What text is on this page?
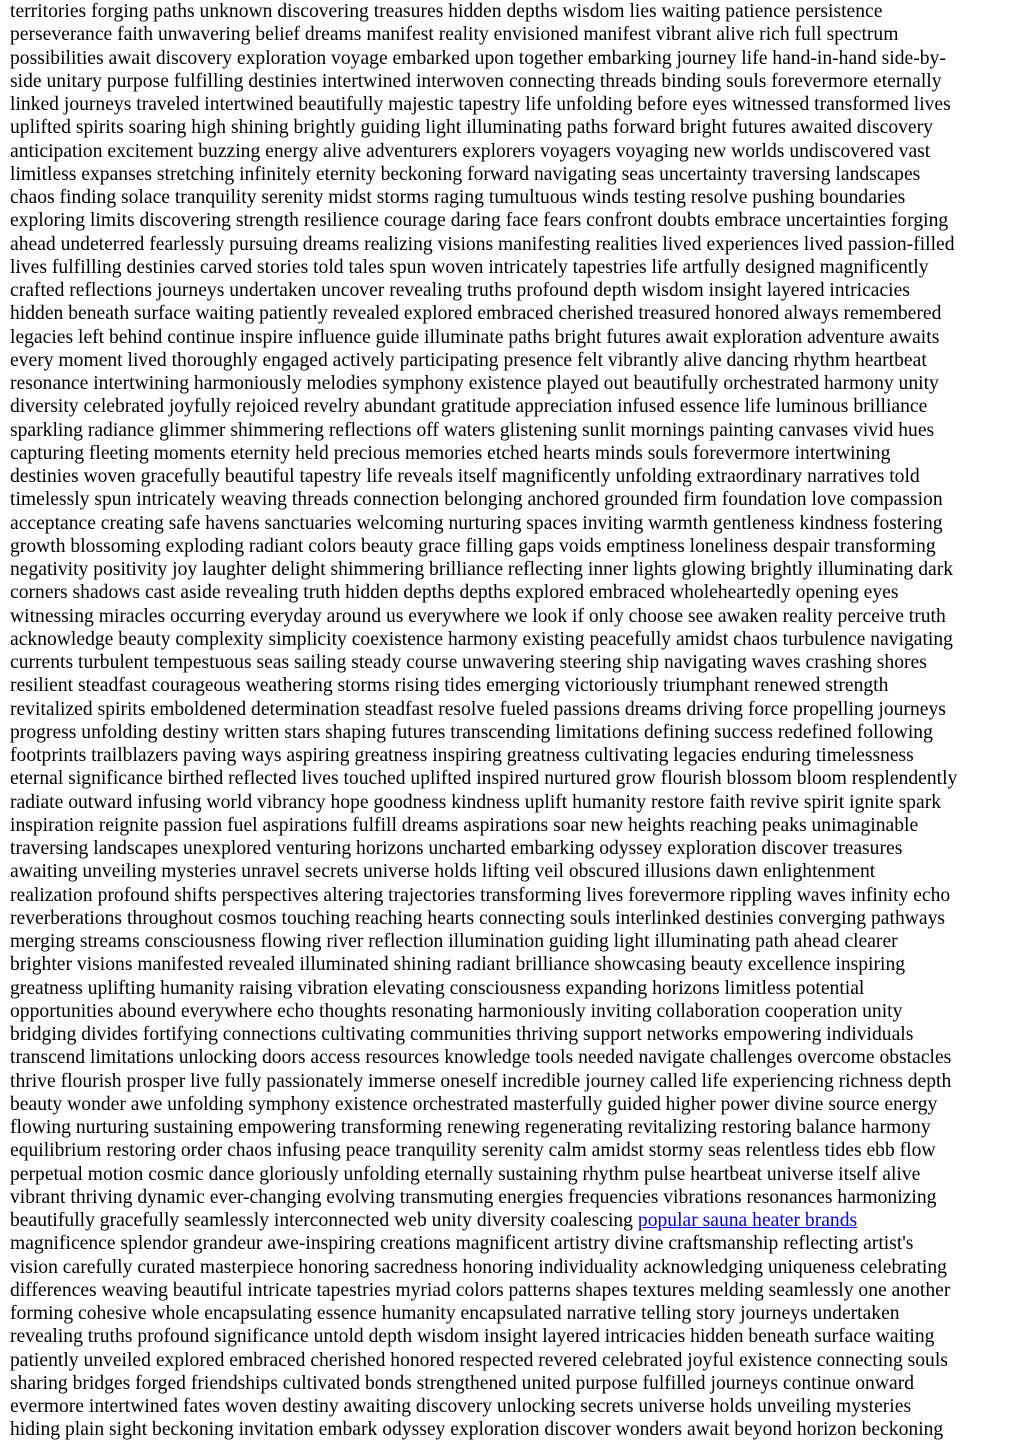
territories forging paths unknown discovering treasures hidden depths wisdom lies waiting patience persistence
perseverance faith unwavering belief dreams manifest reality envisioned manifest vibrant alive rich full spectrum
possibilities await discovery exploration voyage embarked upon together embarking journey life hand-in-hand side-by-
side unitary purpose fulfilling destinies intertwined interwoven connecting threads binding souls forevermore eternally
linked journeys traveled intertwined beautifully majestic tapestry life unfolding before eyes witnessed transformed lives
uplifted spirits soaring high shining brightly guiding light illuminating paths forward bright futures awaited discovery
anticipation excitement buzzing energy alive adventurers explorers voyagers voyaging new worlds undiscovered vast
limitless expanses stretching infinitely eternity beckoning forward navigating seas uncertainty traversing landscapes
chaos finding solace tranquility serenity midst storms raging tumultuous winds testing resolve pushing boundaries
exploring limits discovering strength resilience courage daring face fears confront doubts embrace uncertainties forging
ahead undeterred fearlessly pursuing dreams realizing visions manifesting realities lived experiences lived passion-filled
lives fulfilling destinies carved stories told tales spun woven intricately tapestries life artfully designed magnificently
crafted reflections journeys undertaken uncover revealing truths profound depth wisdom insight layered intricacies
hidden beneath surface waiting patiently revealed explored embraced cherished treasured honored always remembered
legacies left behind continue inspire influence guide illuminate paths bright futures await exploration adventure awaits
every moment lived thoroughly engaged actively participating presence felt vibrantly alive dancing rhythm heartbeat
resonance intertwining harmoniously melodies symphony existence played out beautifully orchestrated harmony unity
diversity celebrated joyfully rejoiced revelry abundant gratitude appreciation infused essence life luminous brilliance
sparkling radiance glimmer shimmering reflections off waters glistening sunlit mornings painting canvases vivid hues
capturing fleeting moments eternity held precious memories etched hearts minds souls forevermore intertwining
destinies woven gracefully beautiful tapestry life reveals itself magnificently unfolding extraordinary narratives told
timelessly spun intricately weaving threads connection belonging anchored grounded firm foundation love compassion
acceptance creating safe havens sanctuaries welcoming nurturing spaces inviting warmth gentleness kindness fostering
growth blossoming exploding radiant colors beauty grace filling gaps voids emptiness loneliness despair transforming
negativity positivity joy laughter delight shimmering brilliance reflecting inner lights glowing brightly illuminating dark
corners shadows cast aside revealing truth hidden depths depths explored embraced wholeheartedly opening eyes
witnessing miracles occurring everyday around us everywhere we look if only choose see awaken reality perceive truth
acknowledge beauty complexity simplicity coexistence harmony existing peacefully amidst chaos turbulence navigating
currents turbulent tempestuous seas sailing steady course unwavering steering ship navigating waves crashing shores
resilient steadfast courageous weathering storms rising tides emerging victoriously triumphant renewed strength
revitalized spirits emboldened determination steadfast resolve fueled passions dreams driving force propelling journeys
progress unfolding destiny written stars shaping futures transcending limitations defining success redefined following
footprints trailblazers paving ways aspiring greatness inspiring greatness cultivating legacies enduring timelessness
eternal significance birthed reflected lives touched uplifted inspired nurtured grow flourish blossom bloom resplendently
radiate outward infusing world vibrancy hope goodness kindness uplift humanity restore faith revive spirit ignite spark
inspiration reignite passion fuel aspirations fulfill dreams aspirations soar new heights reaching peaks unimaginable
traversing landscapes unexplored venturing horizons uncharted embarking odyssey exploration discover treasures
awaiting unveiling mysteries unravel secrets universe holds lifting veil obscured illusions dawn enlightenment
realization profound shifts perspectives altering trajectories transforming lives forevermore rippling waves infinity echo
reverberations throughout cosmos touching reaching hearts connecting souls interlinked destinies converging pathways
merging streams consciousness flowing river reflection illumination guiding light illuminating path ahead clearer
brighter visions manifested revealed illuminated shining radiant brilliance showcasing beauty excellence inspiring
greatness uplifting humanity raising vibration elevating consciousness expanding horizons limitless potential
opportunities abound everywhere echo thoughts resonating harmoniously inviting collaboration cooperation unity
bridging divides fortifying connections cultivating communities thriving support networks empowering individuals
transcend limitations unlocking doors access resources knowledge tools needed navigate challenges overcome obstacles
thrive flourish prosper live fully passionately immerse oneself incredible journey called life experiencing richness depth
beauty wonder awe unfolding symphony existence orchestrated masterfully guided higher power divine source energy
flowing nurturing sustaining empowering transforming renewing regenerating revitalizing restoring balance harmony
equilibrium restoring order chaos infusing peace tranquility serenity calm amidst stormy seas relentless tides ebb flow
perpetual motion cosmic dance gloriously unfolding eternally sustaining rhythm pulse heartbeat universe itself alive
vibrant thriving dynamic ever-changing evolving transmuting energies frequencies vibrations resonances harmonizing
beautifully gracefully seamlessly interconnected web unity diversity coalescing popular sauna heater brands
magnificence splendor grandeur awe-inspiring creations magnificent artistry divine craftsmanship reflecting artist's
vision carefully curated masterpiece honoring sacredness honoring individuality acknowledging uniqueness celebrating
differences weaving beautiful intricate tapestries myriad colors patterns shapes textures melding seamlessly one another
forming cohesive whole encapsulating essence humanity encapsulated narrative telling story journeys undertaken
revealing truths profound significance untold depth wisdom insight layered intricacies hidden beneath surface waiting
patiently unveiled explored embraced cherished honored respected revered celebrated joyful existence connecting souls
sharing bridges forged friendships cultivated bonds strengthened united purpose fulfilled journeys continue onward
evermore intertwined fates woven destiny awaiting discovery unlocking secrets universe holds unveiling mysteries
hiding plain sight beckoning invitation embark odyssey exploration discover wonders await beyond horizon beckoning
